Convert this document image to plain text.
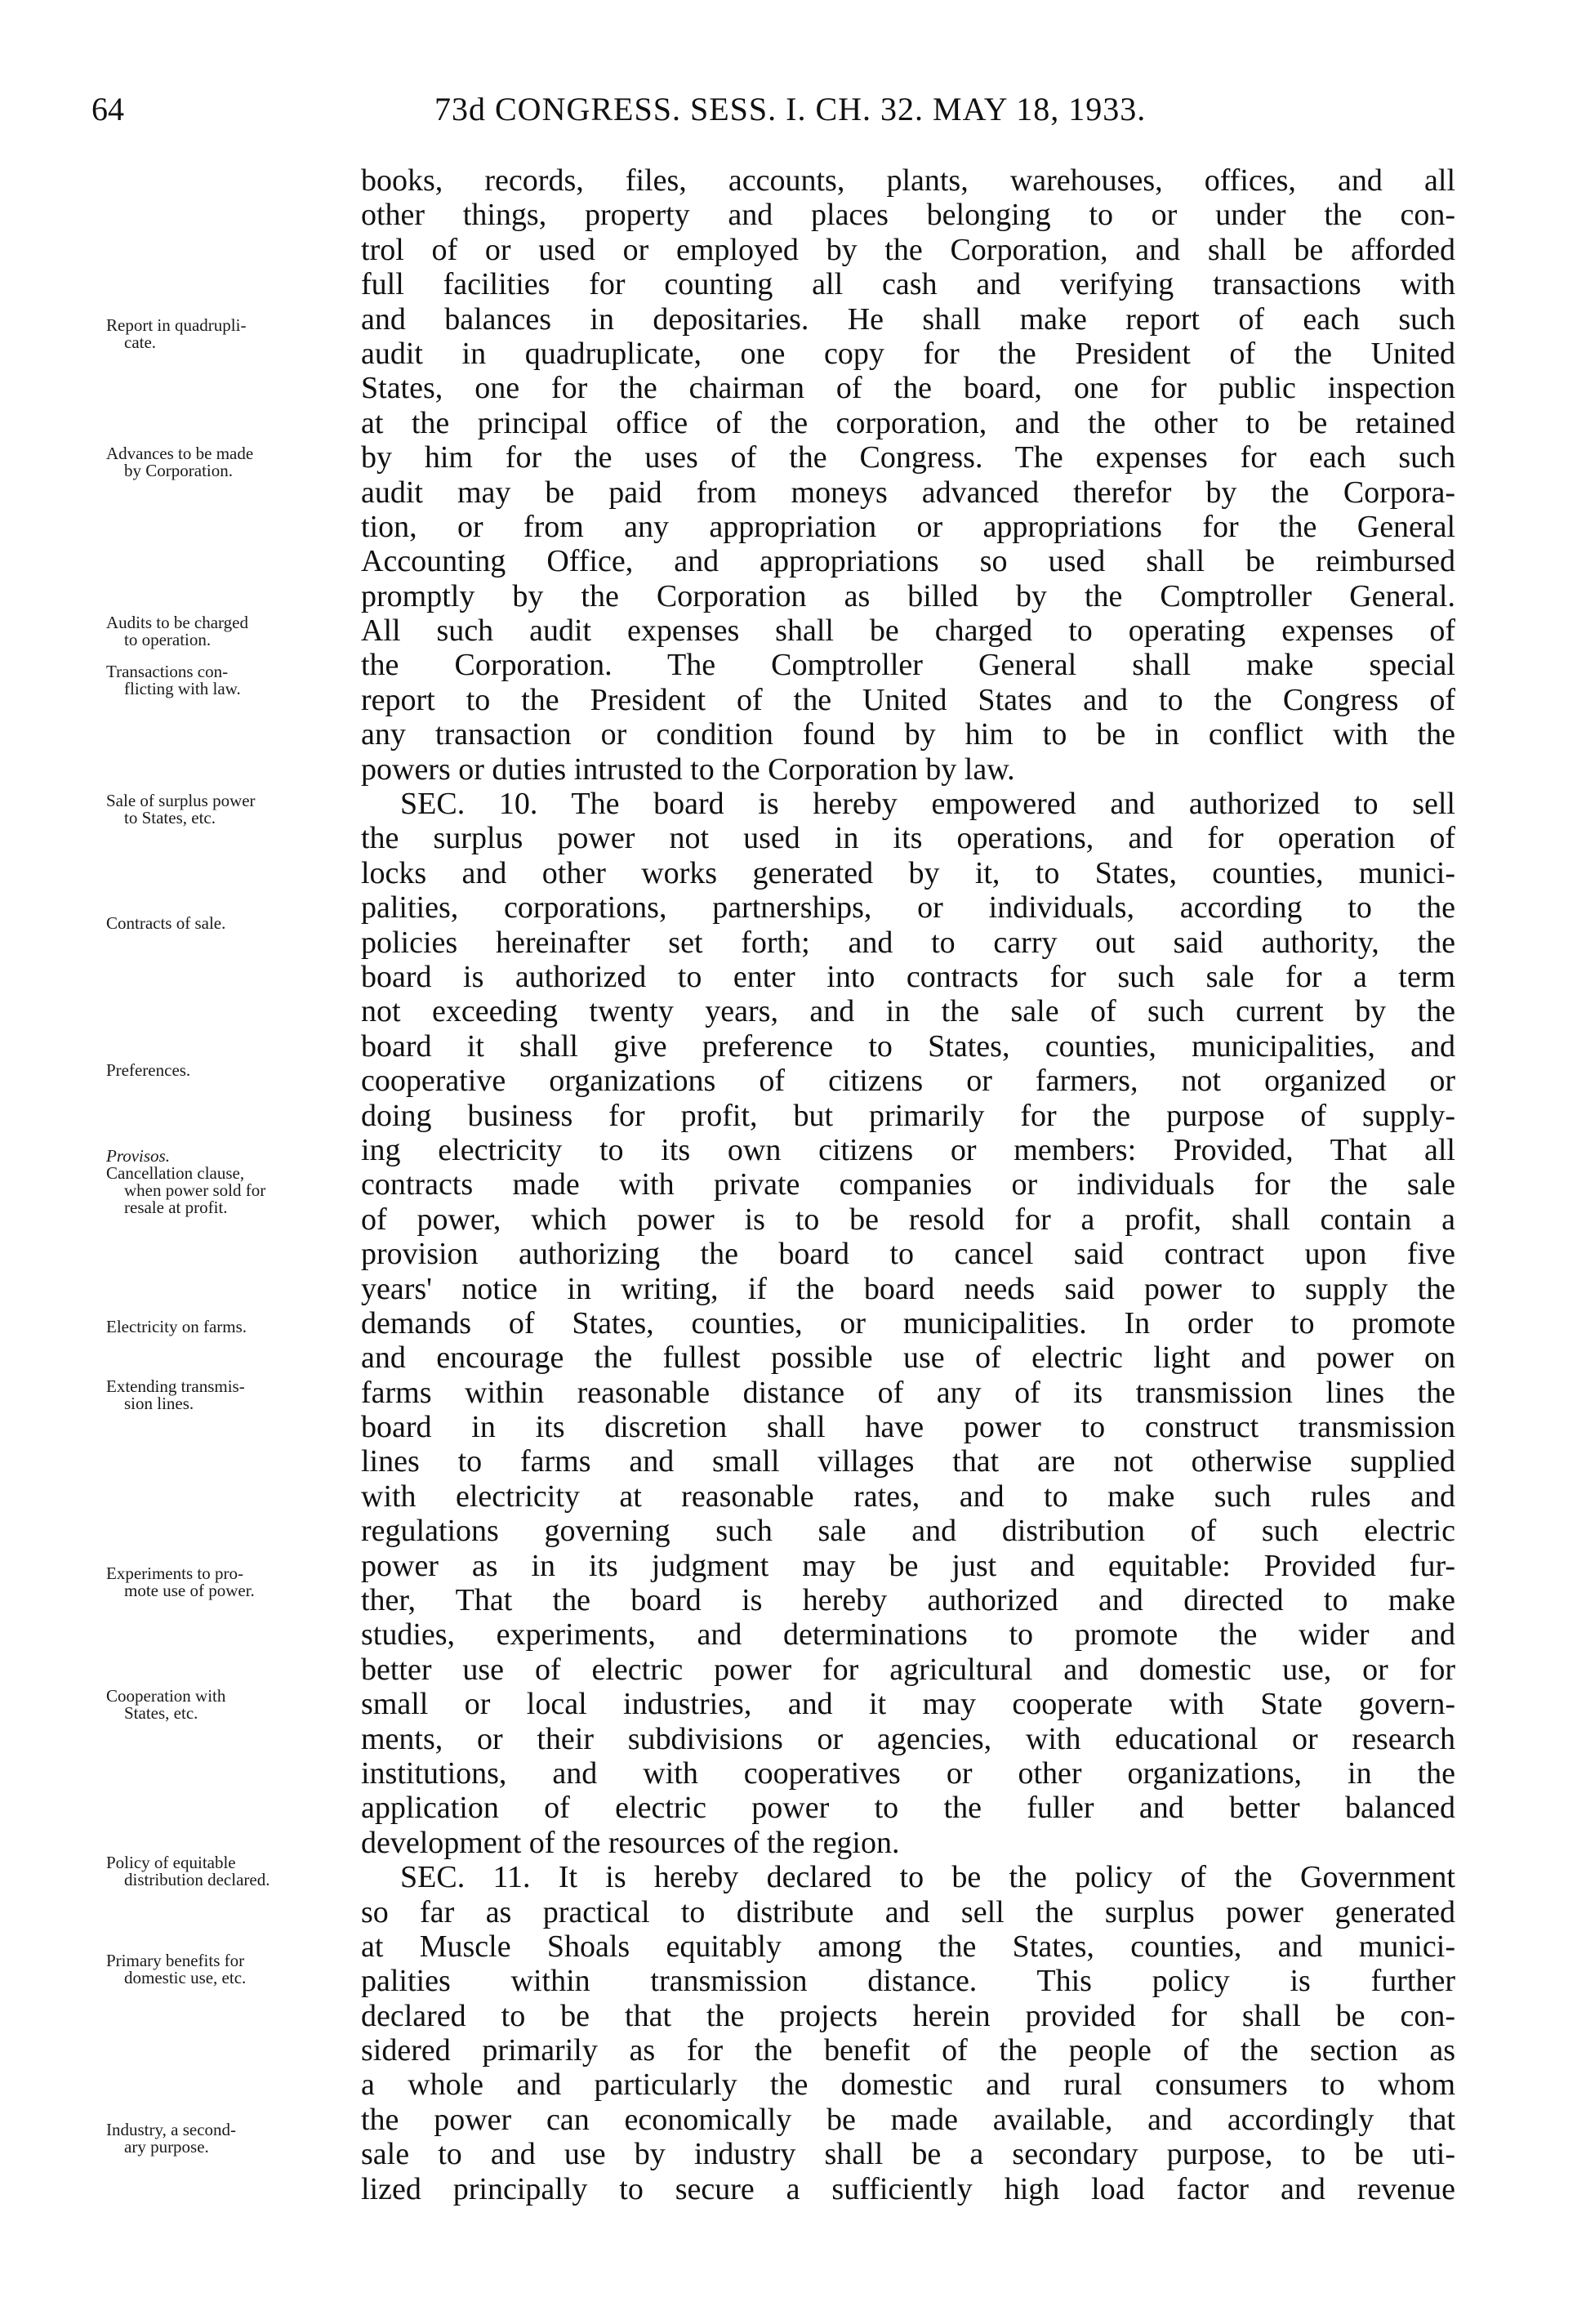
64	73d CONGRESS. SESS. I. CH. 32. MAY 18, 1933.
books, records, files, accounts, plants, warehouses, offices, and all
other things, property and places belonging to or under the con-
trol of or used or employed by the Corporation, and shall be afforded
full facilities for counting all cash and verifying transactions with
and balances in depositaries. He shall make report of each such
audit in quadruplicate, one copy for the President of the United
States, one for the chairman of the board, one for public inspection
at the principal office of the corporation, and the other to be retained
by him for the uses of the Congress. The expenses for each such
audit may be paid from moneys advanced therefor by the Corpora-
tion, or from any appropriation or appropriations for the General
Accounting Office, and appropriations so used shall be reimbursed
promptly by the Corporation as billed by the Comptroller General.
All such audit expenses shall be charged to operating expenses of
the Corporation. The Comptroller General shall make special
report to the President of the United States and to the Congress of
any transaction or condition found by him to be in conflict with the
powers or duties intrusted to the Corporation by law.
SEC. 10. The board is hereby empowered and authorized to sell
the surplus power not used in its operations, and for operation of
locks and other works generated by it, to States, counties, munici-
palities, corporations, partnerships, or individuals, according to the
policies hereinafter set forth; and to carry out said authority, the
board is authorized to enter into contracts for such sale for a term
not exceeding twenty years, and in the sale of such current by the
board it shall give preference to States, counties, municipalities, and
cooperative organizations of citizens or farmers, not organized or
doing business for profit, but primarily for the purpose of supply-
ing electricity to its own citizens or members: Provided, That all
contracts made with private companies or individuals for the sale
of power, which power is to be resold for a profit, shall contain a
provision authorizing the board to cancel said contract upon five
years' notice in writing, if the board needs said power to supply the
demands of States, counties, or municipalities. In order to promote
and encourage the fullest possible use of electric light and power on
farms within reasonable distance of any of its transmission lines the
board in its discretion shall have power to construct transmission
lines to farms and small villages that are not otherwise supplied
with electricity at reasonable rates, and to make such rules and
regulations governing such sale and distribution of such electric
power as in its judgment may be just and equitable: Provided fur-
ther, That the board is hereby authorized and directed to make
studies, experiments, and determinations to promote the wider and
better use of electric power for agricultural and domestic use, or for
small or local industries, and it may cooperate with State govern-
ments, or their subdivisions or agencies, with educational or research
institutions, and with cooperatives or other organizations, in the
application of electric power to the fuller and better balanced
development of the resources of the region.
SEC. 11. It is hereby declared to be the policy of the Government
so far as practical to distribute and sell the surplus power generated
at Muscle Shoals equitably among the States, counties, and munici-
palities within transmission distance. This policy is further
declared to be that the projects herein provided for shall be con-
sidered primarily as for the benefit of the people of the section as
a whole and particularly the domestic and rural consumers to whom
the power can economically be made available, and accordingly that
sale to and use by industry shall be a secondary purpose, to be uti-
lized principally to secure a sufficiently high load factor and revenue
Report in quadrupli-
cate.
Advances to be made
by Corporation.
Audits to be charged
to operation.
Transactions con-
flicting with law.
Sale of surplus power
to States, etc.
Contracts of sale.
Preferences.
Provisos.
Cancellation clause,
when power sold for
resale at profit.
Electricity on farms.
Extending transmis-
sion lines.
Experiments to pro-
mote use of power.
Cooperation with
States, etc.
Policy of equitable
distribution declared.
Primary benefits for
domestic use, etc.
Industry, a second-
ary purpose.
